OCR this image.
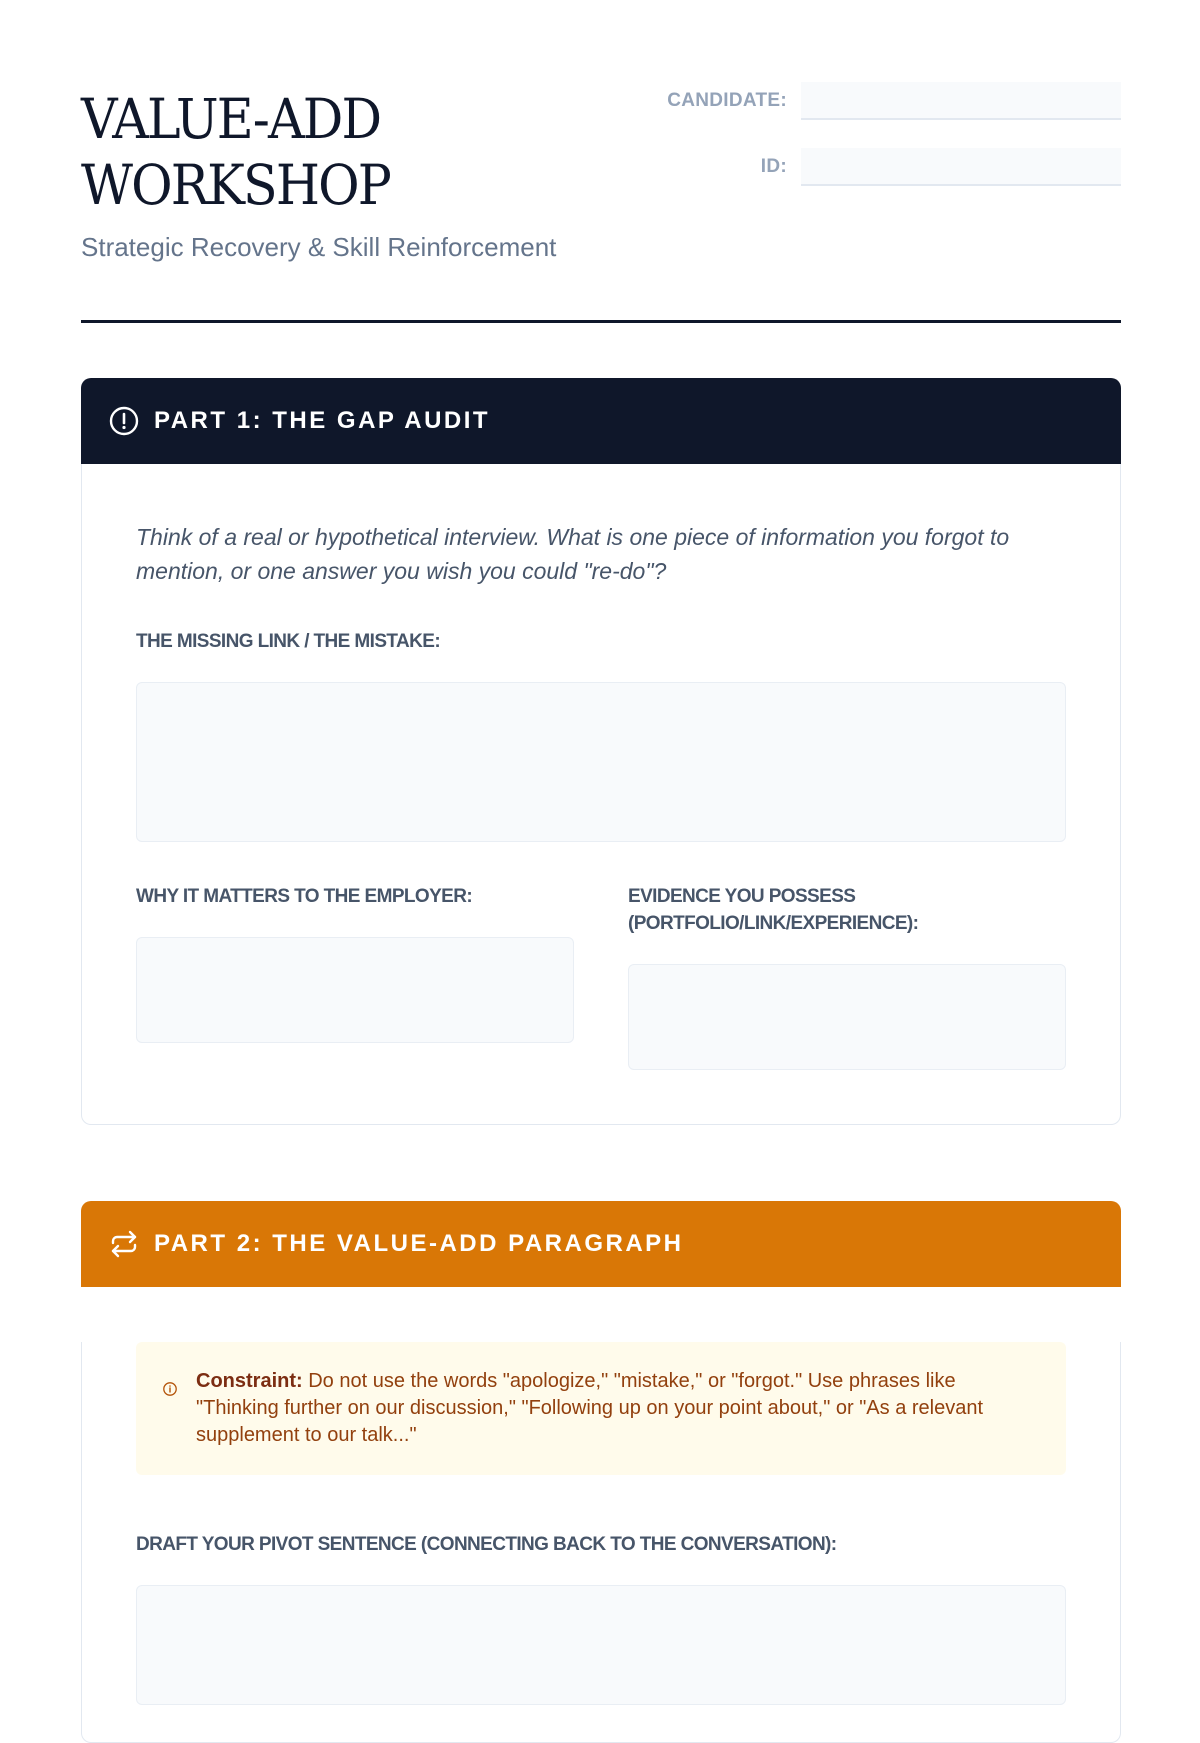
VALUE-ADD
WORKSHOP

Strategic Recovery & Skill Reinforcement

CANDIDATE:
ID:
PART 1: THE GAP AUDIT

Think of a real or hypothetical interview. What is one piece of information you forgot to mention, or one answer you wish you could "re-do"?

THE MISSING LINK / THE MISTAKE:

WHY IT MATTERS TO THE EMPLOYER:	EVIDENCE YOU POSSESS (PORTFOLIO/LINK/EXPERIENCE):

PART 2: THE VALUE-ADD PARAGRAPH
Constraint: Do not use the words "apologize," "mistake," or "forgot." Use phrases like "Thinking further on our discussion," "Following up on your point about," or "As a relevant supplement to our talk..."

DRAFT YOUR PIVOT SENTENCE (CONNECTING BACK TO THE CONVERSATION):
